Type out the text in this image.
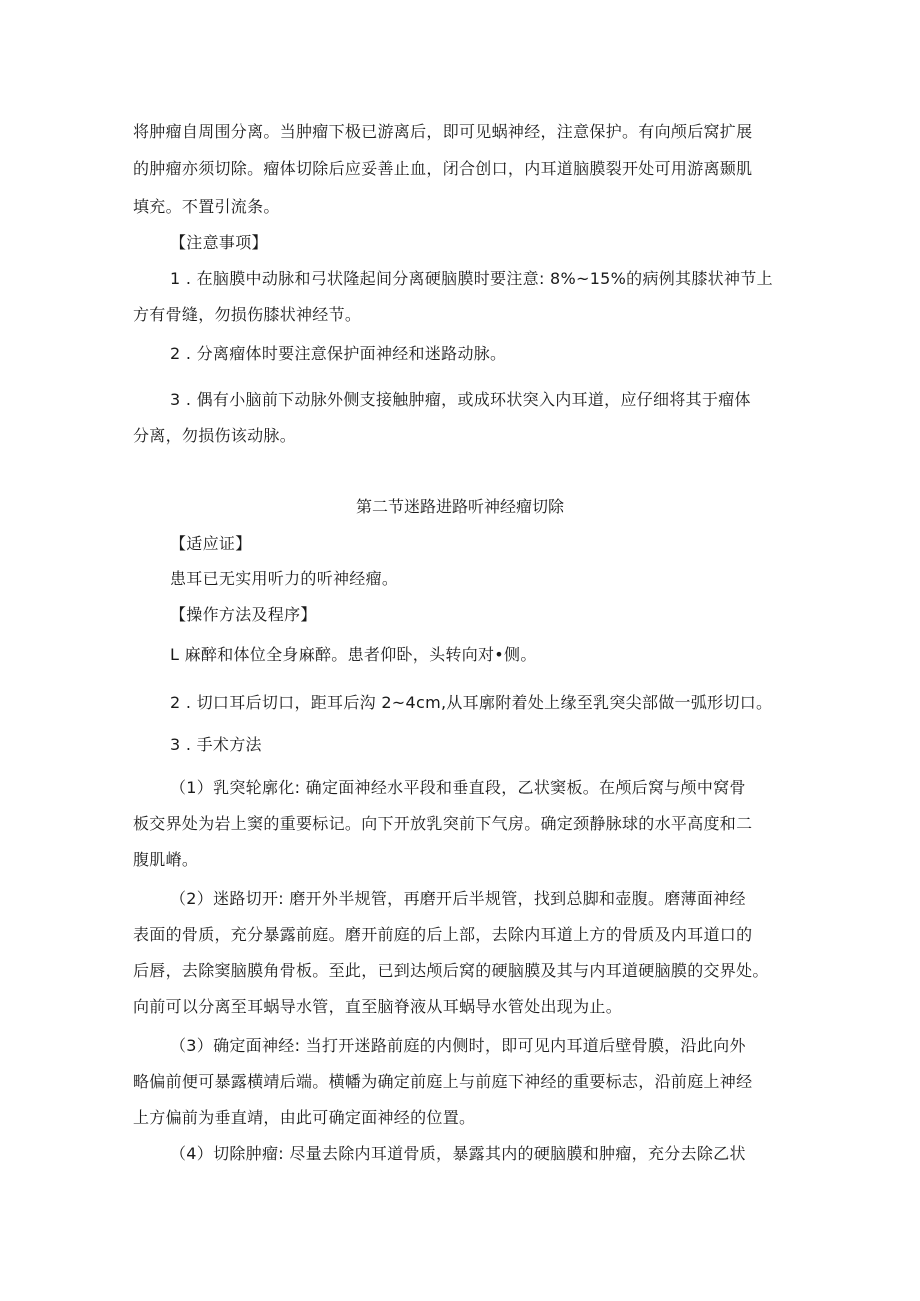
将肿瘤自周围分离。当肿瘤下极已游离后，即可见蜗神经，注意保护。有向颅后窝扩展
的肿瘤亦须切除。瘤体切除后应妥善止血，闭合创口，内耳道脑膜裂开处可用游离颞肌
填充。不置引流条。
【注意事项】
1 . 在脑膜中动脉和弓状隆起间分离硬脑膜时要注意: 8%~15%的病例其膝状神节上
方有骨缝，勿损伤膝状神经节。
2 . 分离瘤体时要注意保护面神经和迷路动脉。
3 . 偶有小脑前下动脉外侧支接触肿瘤，或成环状突入内耳道，应仔细将其于瘤体
分离，勿损伤该动脉。
第二节迷路进路听神经瘤切除
【适应证】
患耳已无实用听力的听神经瘤。
【操作方法及程序】
L 麻醉和体位全身麻醉。患者仰卧，头转向对•侧。
2 . 切口耳后切口，距耳后沟 2~4cm,从耳廓附着处上缘至乳突尖部做一弧形切口。
3 . 手术方法
（1）乳突轮廓化: 确定面神经水平段和垂直段，乙状窦板。在颅后窝与颅中窝骨
板交界处为岩上窦的重要标记。向下开放乳突前下气房。确定颈静脉球的水平高度和二
腹肌嵴。
（2）迷路切开: 磨开外半规管，再磨开后半规管，找到总脚和壶腹。磨薄面神经
表面的骨质，充分暴露前庭。磨开前庭的后上部，去除内耳道上方的骨质及内耳道口的
后唇，去除窦脑膜角骨板。至此，已到达颅后窝的硬脑膜及其与内耳道硬脑膜的交界处。
向前可以分离至耳蜗导水管，直至脑脊液从耳蜗导水管处出现为止。
（3）确定面神经: 当打开迷路前庭的内侧时，即可见内耳道后壁骨膜，沿此向外
略偏前便可暴露横靖后端。横幡为确定前庭上与前庭下神经的重要标志，沿前庭上神经
上方偏前为垂直靖，由此可确定面神经的位置。
（4）切除肿瘤: 尽量去除内耳道骨质，暴露其内的硬脑膜和肿瘤，充分去除乙状
